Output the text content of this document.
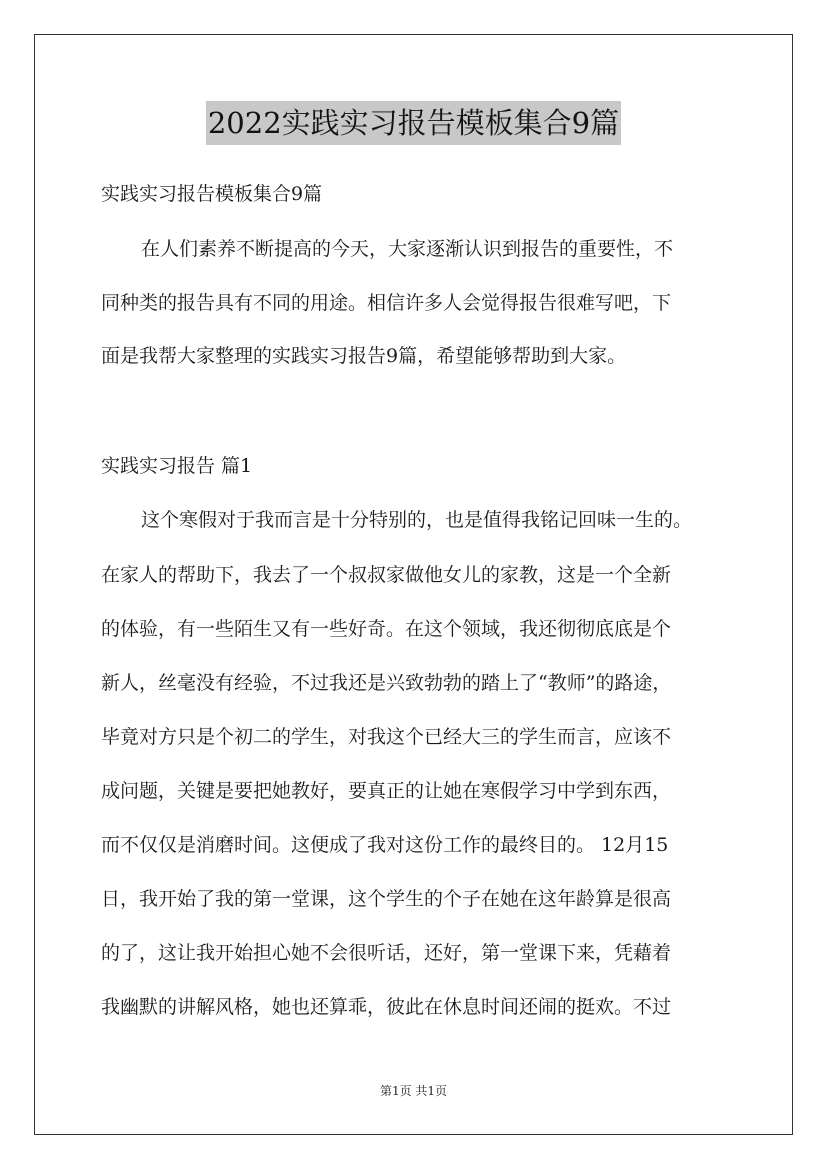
2022实践实习报告模板集合9篇
实践实习报告模板集合9篇
在人们素养不断提高的今天，大家逐渐认识到报告的重要性，不
同种类的报告具有不同的用途。相信许多人会觉得报告很难写吧，下
面是我帮大家整理的实践实习报告9篇，希望能够帮助到大家。
实践实习报告 篇1
这个寒假对于我而言是十分特别的，也是值得我铭记回味一生的。
在家人的帮助下，我去了一个叔叔家做他女儿的家教，这是一个全新
的体验，有一些陌生又有一些好奇。在这个领域，我还彻彻底底是个
新人，丝毫没有经验，不过我还是兴致勃勃的踏上了“教师”的路途，
毕竟对方只是个初二的学生，对我这个已经大三的学生而言，应该不
成问题，关键是要把她教好，要真正的让她在寒假学习中学到东西，
而不仅仅是消磨时间。这便成了我对这份工作的最终目的。 12月15
日，我开始了我的第一堂课，这个学生的个子在她在这年龄算是很高
的了，这让我开始担心她不会很听话，还好，第一堂课下来，凭藉着
我幽默的讲解风格，她也还算乖，彼此在休息时间还闹的挺欢。不过
第1页 共1页
